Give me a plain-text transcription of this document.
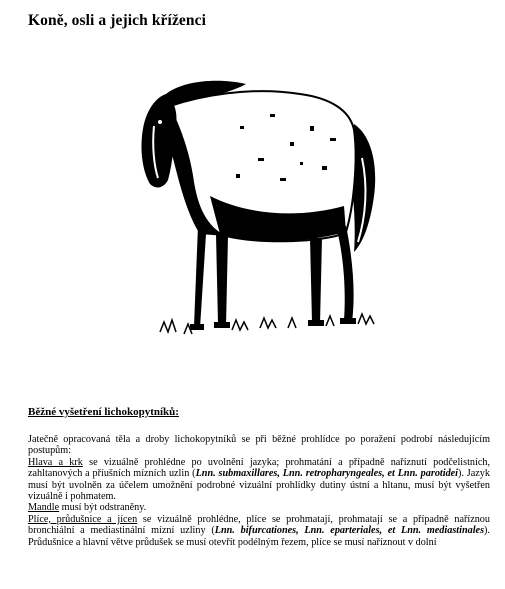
Koně, osli a jejich kříženci
Běžné vyšetření lichokopytníků:

Jatečně opracovaná těla a droby lichokopytníků se při běžné prohlídce po poražení podrobí následujícím postupům:

Hlava a krk se vizuálně prohlédne po uvolnění jazyka; prohmatání a případně naříznutí podčelistních, zahltanových a příušních mízních uzlin (Lnn. submaxillares, Lnn. retropharyngeales, et Lnn. parotidei). Jazyk musí být uvolněn za účelem umožnění podrobné vizuální prohlídky dutiny ústní a hltanu, musí být vyšetřen vizuálně i pohmatem.

Mandle musí být odstraněny.

Plíce, průdušnice a jícen se vizuálně prohlédne, plíce se prohmatají, prohmatají se a případně naříznou bronchiální a mediastinální mízní uzliny (Lnn. bifurcationes, Lnn. eparteriales, et Lnn. mediastinales). Průdušnice a hlavní větve průdušek se musí otevřít podélným řezem, plíce se musí naříznout v dolní
